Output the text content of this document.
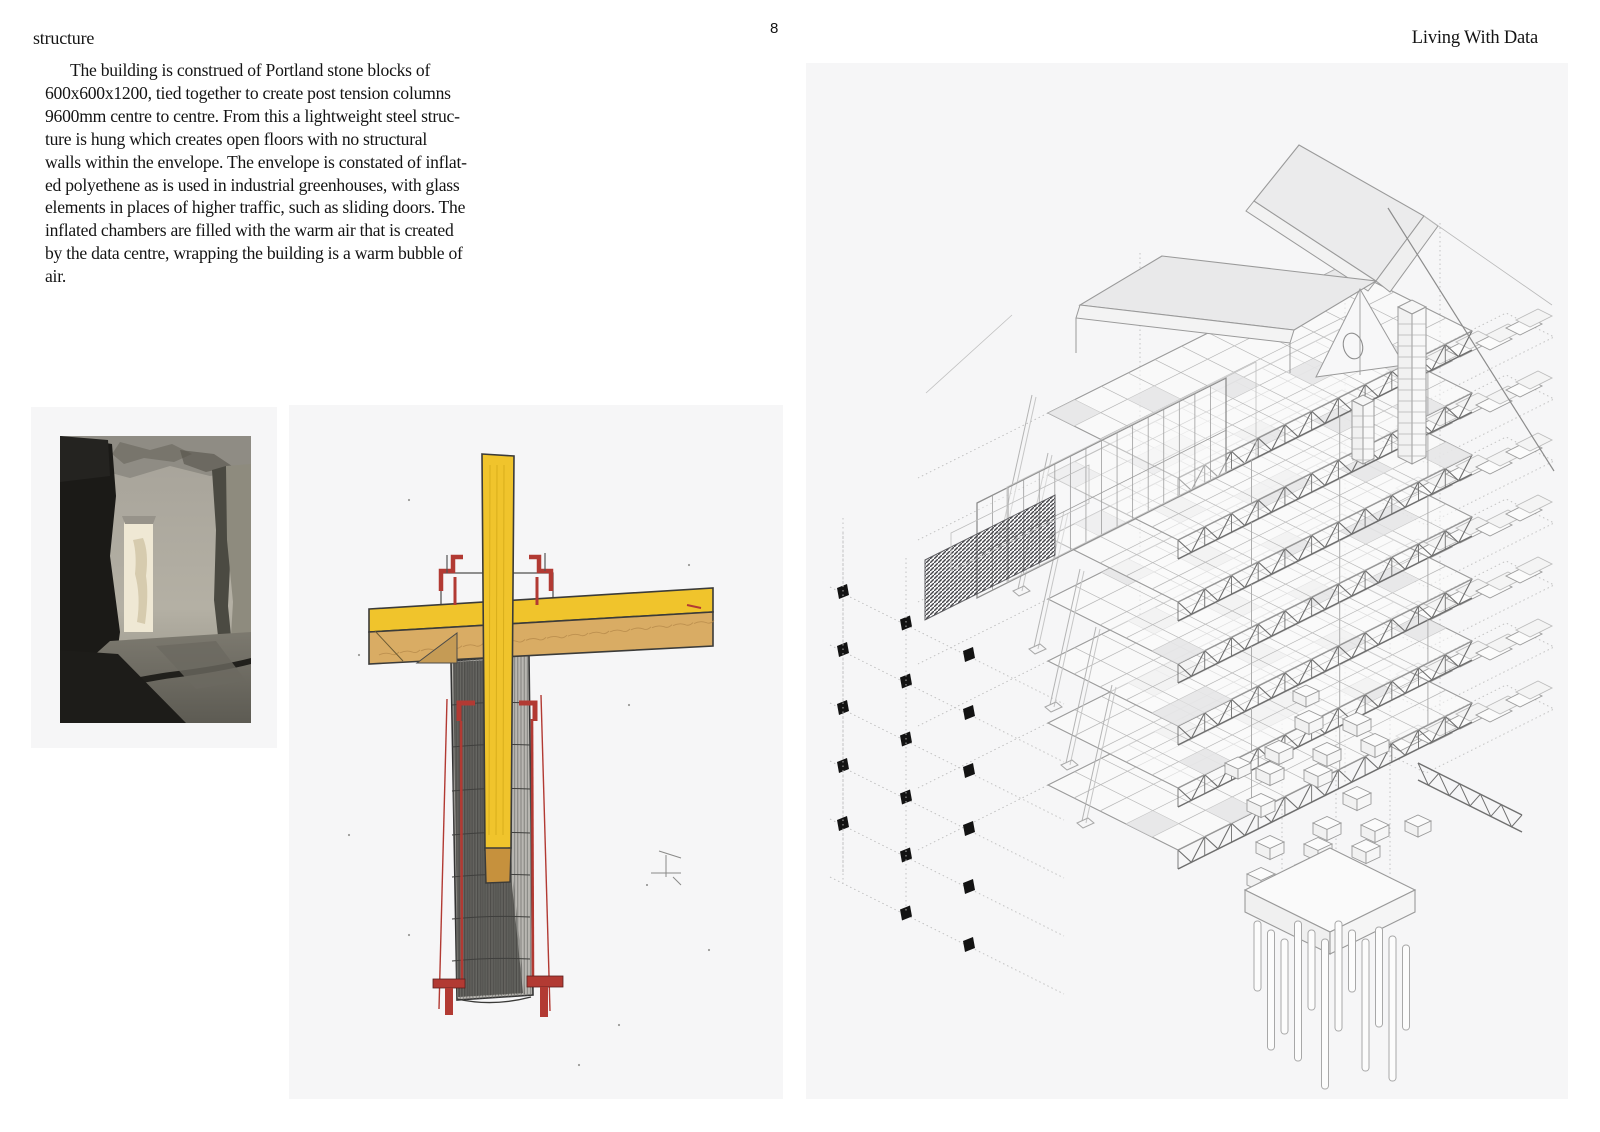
structure	8	Living With Data
The building is construed of Portland stone blocks of
600x600x1200, tied together to create post tension columns
9600mm centre to centre. From this a lightweight steel struc-
ture is hung which creates open floors with no structural
walls within the envelope. The envelope is constated of inflat-
ed polyethene as is used in industrial greenhouses, with glass
elements in places of higher traffic, such as sliding doors. The
inflated chambers are filled with the warm air that is created
by the data centre, wrapping the building is a warm bubble of
air.
